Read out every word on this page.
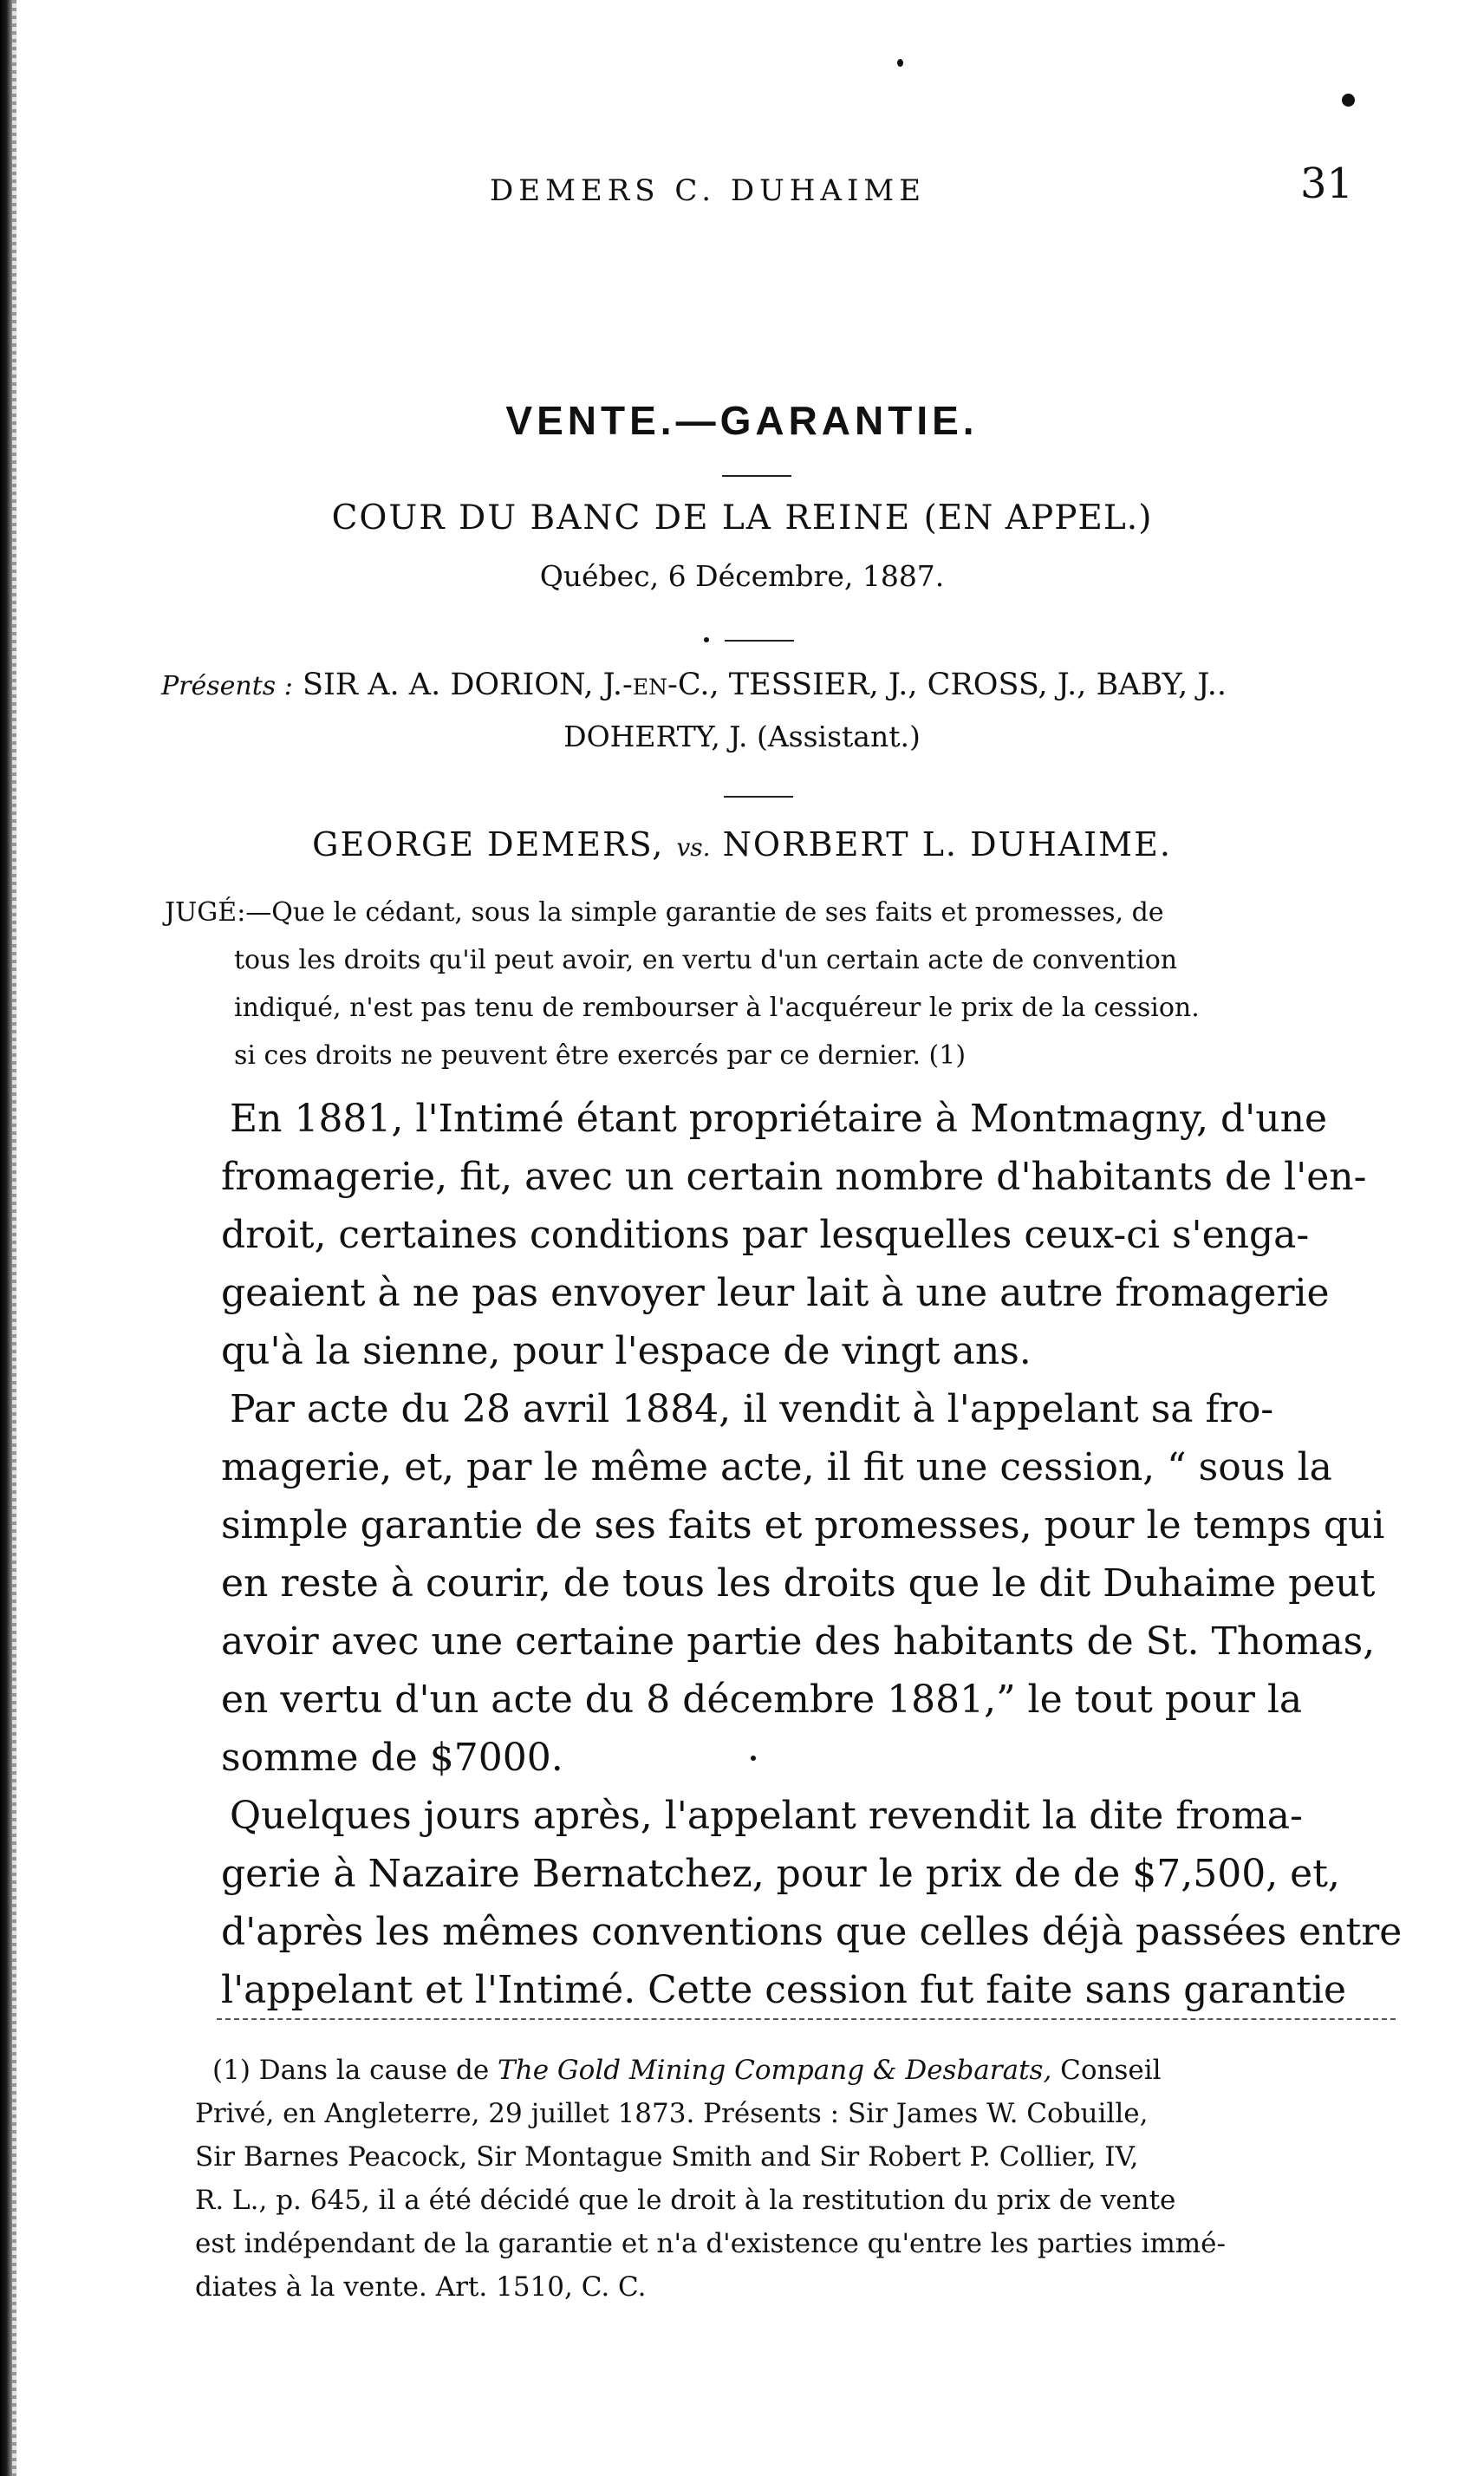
DEMERS C. DUHAIME	31
VENTE.—GARANTIE.
COUR DU BANC DE LA REINE (EN APPEL.)
Québec, 6 Décembre, 1887.
Présents : SIR A. A. DORION, J.-en-C., TESSIER, J., CROSS, J., BABY, J..
DOHERTY, J. (Assistant.)
GEORGE DEMERS, vs. NORBERT L. DUHAIME.
JUGÉ:—Que le cédant, sous la simple garantie de ses faits et promesses, de
tous les droits qu'il peut avoir, en vertu d'un certain acte de convention
indiqué, n'est pas tenu de rembourser à l'acquéreur le prix de la cession.
si ces droits ne peuvent être exercés par ce dernier. (1)
En 1881, l'Intimé étant propriétaire à Montmagny, d'une
fromagerie, fit, avec un certain nombre d'habitants de l'en-
droit, certaines conditions par lesquelles ceux-ci s'enga-
geaient à ne pas envoyer leur lait à une autre fromagerie
qu'à la sienne, pour l'espace de vingt ans.
Par acte du 28 avril 1884, il vendit à l'appelant sa fro-
magerie, et, par le même acte, il fit une cession, “ sous la
simple garantie de ses faits et promesses, pour le temps qui
en reste à courir, de tous les droits que le dit Duhaime peut
avoir avec une certaine partie des habitants de St. Thomas,
en vertu d'un acte du 8 décembre 1881,” le tout pour la
somme de $7000.
Quelques jours après, l'appelant revendit la dite froma-
gerie à Nazaire Bernatchez, pour le prix de de $7,500, et,
d'après les mêmes conventions que celles déjà passées entre
l'appelant et l'Intimé. Cette cession fut faite sans garantie
(1) Dans la cause de The Gold Mining Compang & Desbarats, Conseil
Privé, en Angleterre, 29 juillet 1873. Présents : Sir James W. Cobuille,
Sir Barnes Peacock, Sir Montague Smith and Sir Robert P. Collier, IV,
R. L., p. 645, il a été décidé que le droit à la restitution du prix de vente
est indépendant de la garantie et n'a d'existence qu'entre les parties immé-
diates à la vente. Art. 1510, C. C.
